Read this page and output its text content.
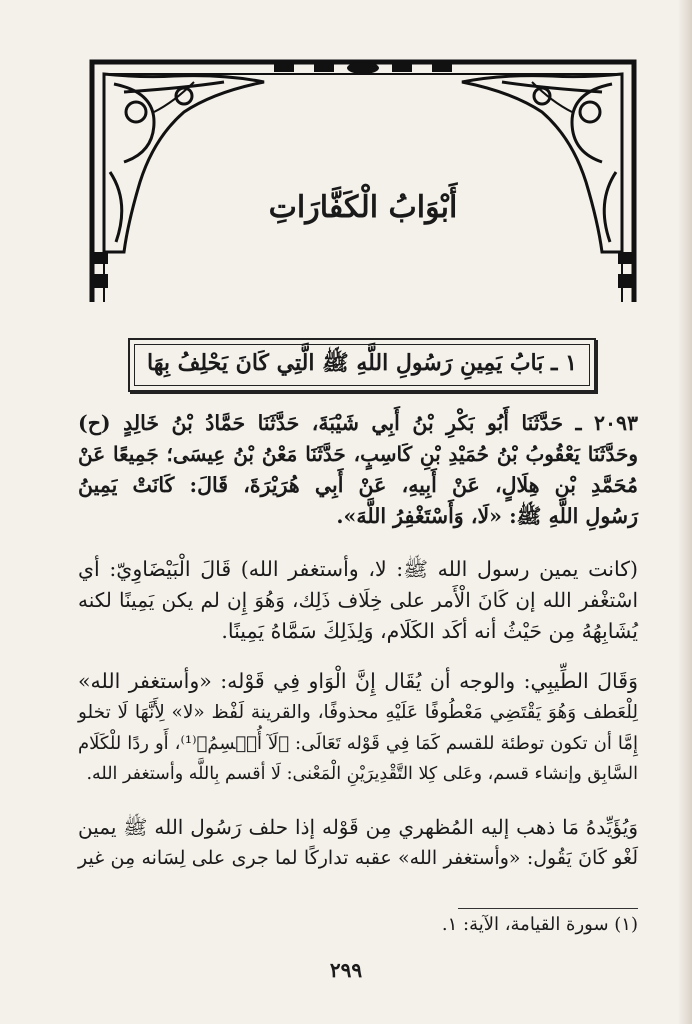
أَبْوَابُ الْكَفَّارَاتِ
١ ـ بَابُ يَمِينِ رَسُولِ اللَّهِ ﷺ الَّتِي كَانَ يَحْلِفُ بِهَا
٢٠٩٣ ـ حَدَّثَنَا أَبُو بَكْرِ بْنُ أَبِي شَيْبَةَ، حَدَّثَنَا حَمَّادُ بْنُ خَالِدٍ (ح)
وحَدَّثَنَا يَعْقُوبُ بْنُ حُمَيْدِ بْنِ كَاسِبٍ، حَدَّثَنَا مَعْنُ بْنُ عِيسَى؛ جَمِيعًا عَنْ
مُحَمَّدِ بْنِ هِلَالٍ، عَنْ أَبِيهِ، عَنْ أَبِي هُرَيْرَةَ، قَالَ: كَانَتْ يَمِينُ
رَسُولِ اللَّهِ ﷺ: «لَا، وَأَسْتَغْفِرُ اللَّهَ».
(كانت يمين رسول الله ﷺ: لا، وأستغفر الله) قَالَ الْبَيْضَاوِيّ: أي
اسْتغْفر الله إن كَانَ الْأَمر على خِلَاف ذَلِك، وَهُوَ إِن لم يكن يَمِينًا لكنه
يُشَابِهُهُ مِن حَيْثُ أنه أكَد الكَلَام، وَلِذَلِكَ سَمَّاهُ يَمِينًا.
وَقَالَ الطِّيبِي: والوجه أن يُقَال إِنَّ الْوَاو فِي قَوْله: «وأستغفر الله»
لِلْعَطف وَهُوَ يَقْتَضِي مَعْطُوفًا عَلَيْهِ محذوفًا، والقرينة لَفْظ «لا» لِأَنَّهَا لَا تخلو
إِمَّا أن تكون توطئة للقسم كَمَا فِي قَوْله تَعَالَى: ﴿لَآ أُقۡسِمُ﴾⁽¹⁾، أَو ردًا للْكَلَام
السَّابِق وإنشاء قسم، وعَلى كِلا التَّقْدِيرَيْنِ الْمَعْنى: لَا أقسم بِاللَّه وأستغفر الله.
وَيُؤَيِّدهُ مَا ذهب إليه المُظهري مِن قَوْله إذا حلف رَسُول الله ﷺ يمين
لَغْو كَانَ يَقُول: «وأستغفر الله» عقبه تداركًا لما جرى على لِسَانه مِن غير
(١) سورة القيامة، الآية: ١.
٢٩٩
